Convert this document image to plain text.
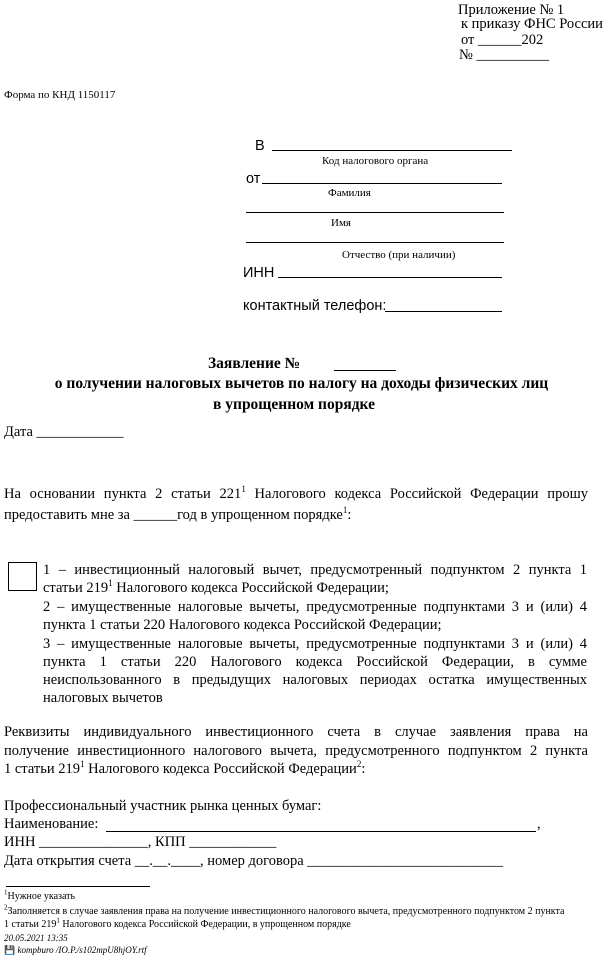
Приложение № 1
к приказу ФНС России
от ______202
№ __________
Форма по КНД 1150117
В
Код налогового органа
от
Фамилия
Имя
Отчество (при наличии)
ИНН
контактный телефон:
Заявление №
о получении налоговых вычетов по налогу на доходы физических лиц
в упрощенном порядке
Дата ____________
На основании пункта 2 статьи $221^1$ Налогового кодекса Российской Федерации прошу
предоставить мне за ______год в упрощенном порядке$^1$:
1 – инвестиционный налоговый вычет, предусмотренный подпунктом 2 пункта 1
статьи $219^1$ Налогового кодекса Российской Федерации;
2 – имущественные налоговые вычеты, предусмотренные подпунктами 3 и (или) 4
пункта 1 статьи 220 Налогового кодекса Российской Федерации;
3 – имущественные налоговые вычеты, предусмотренные подпунктами 3 и (или) 4
пункта 1 статьи 220 Налогового кодекса Российской Федерации, в сумме
неиспользованного в предыдущих налоговых периодах остатка имущественных
налоговых вычетов
Реквизиты индивидуального инвестиционного счета в случае заявления права на
получение инвестиционного налогового вычета, предусмотренного подпунктом 2 пункта
1 статьи $219^1$ Налогового кодекса Российской Федерации$^2$:
Профессиональный участник рынка ценных бумаг:
Наименование:	,
ИНН _______________, КПП ____________
Дата открытия счета __.__.____, номер договора ___________________________
$^1$Нужное указать
$^2$Заполняется в случае заявления права на получение инвестиционного налогового вычета, предусмотренного подпунктом 2 пункта
1 статьи $219^1$ Налогового кодекса Российской Федерации, в упрощенном порядке
20.05.2021 13:35
💾 kompburo /IO.P./s102mpU8hjOY.rtf
